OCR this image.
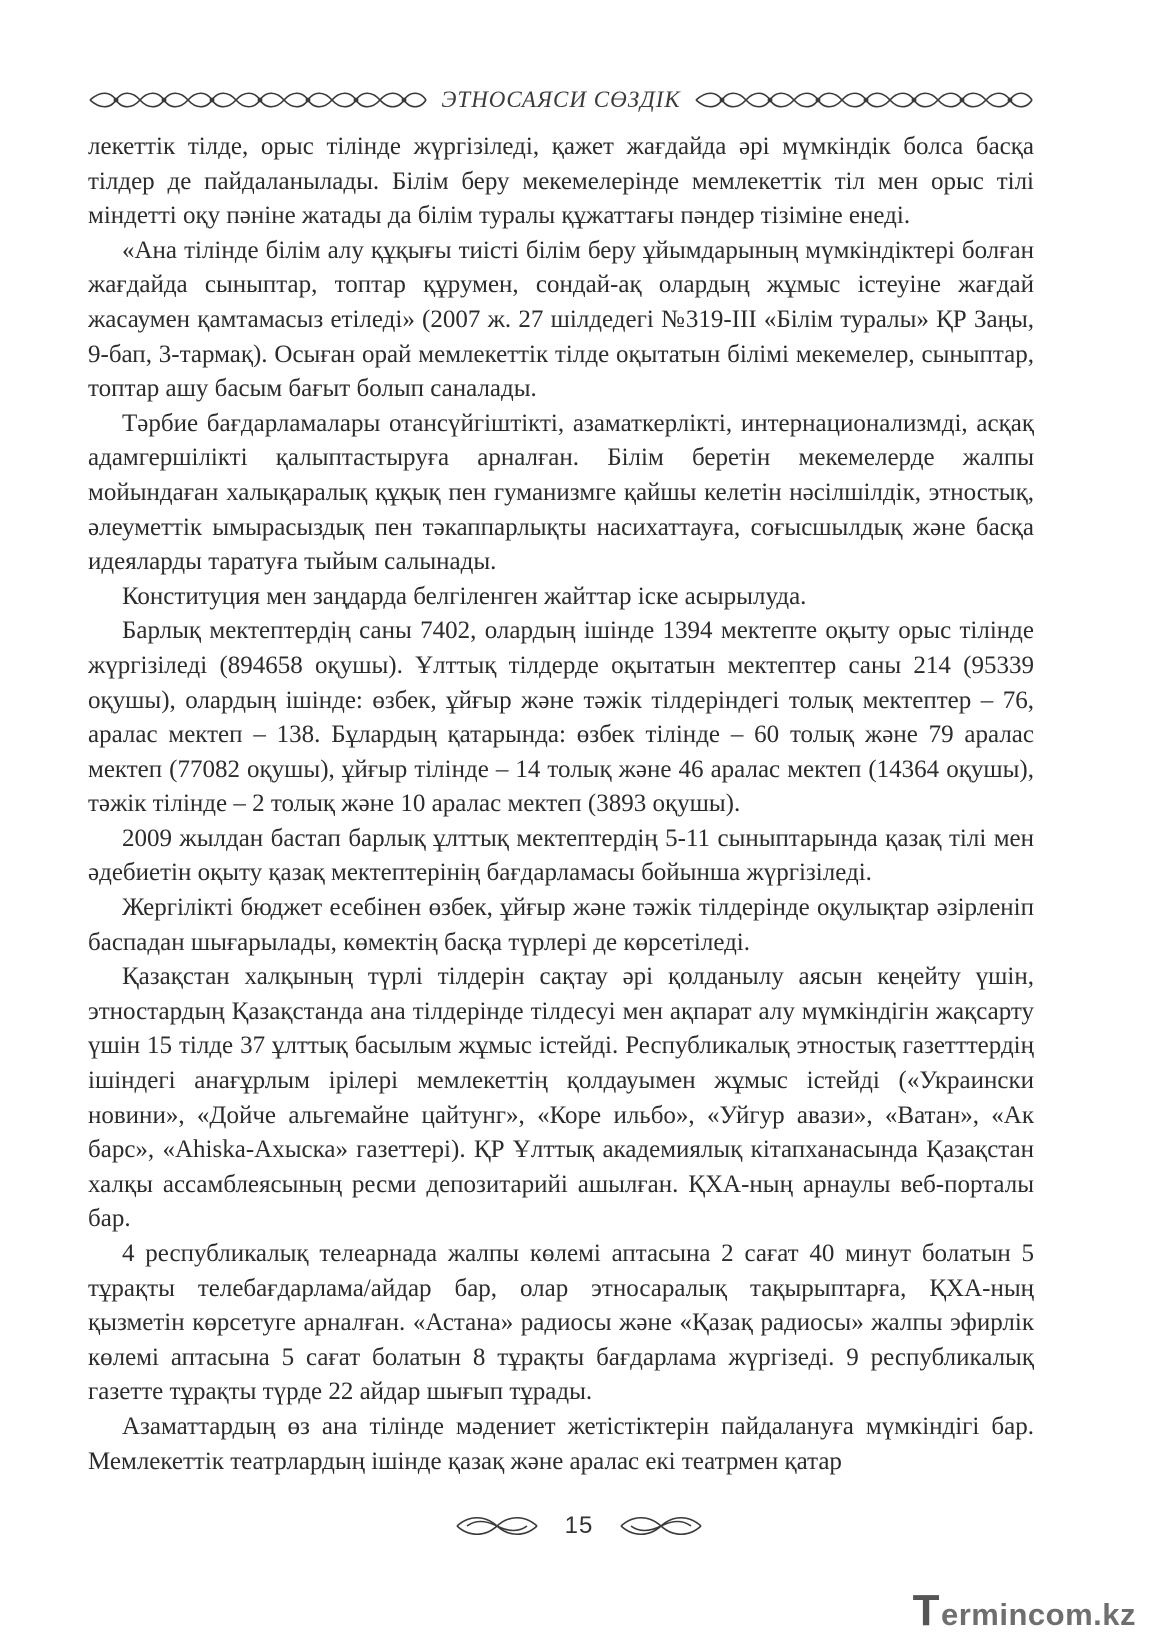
ЭТНОСАЯСИ СӨЗДІК

лекеттік тілде, орыс тілінде жүргізіледі, қажет жағдайда әрі мүмкіндік болса басқа тілдер де пайдаланылады. Білім беру мекемелерінде мемлекеттік тіл мен орыс тілі міндетті оқу пәніне жатады да білім туралы құжаттағы пәндер тізіміне енеді.

«Ана тілінде білім алу құқығы тиісті білім беру ұйымдарының мүмкіндіктері болған жағдайда сыныптар, топтар құрумен, сондай-ақ олардың жұмыс істеуіне жағдай жасаумен қамтамасыз етіледі» (2007 ж. 27 шілдедегі №319-ІІІ «Білім туралы» ҚР Заңы, 9-бап, 3-тармақ). Осыған орай мемлекеттік тілде оқытатын білімі мекемелер, сыныптар, топтар ашу басым бағыт болып саналады.

Тәрбие бағдарламалары отансүйгіштікті, азаматкерлікті, интернационализмді, асқақ адамгершілікті қалыптастыруға арналған. Білім беретін мекемелерде жалпы мойындаған халықаралық құқық пен гуманизмге қайшы келетін нәсілшілдік, этностық, әлеуметтік ымырасыздық пен тәкаппарлықты насихаттауға, соғысшылдық және басқа идеяларды таратуға тыйым салынады.

Конституция мен заңдарда белгіленген жайттар іске асырылуда.

Барлық мектептердің саны 7402, олардың ішінде 1394 мектепте оқыту орыс тілінде жүргізіледі (894658 оқушы). Ұлттық тілдерде оқытатын мектептер саны 214 (95339 оқушы), олардың ішінде: өзбек, ұйғыр және тәжік тілдеріндегі толық мектептер – 76, аралас мектеп – 138. Бұлардың қатарында: өзбек тілінде – 60 толық және 79 аралас мектеп (77082 оқушы), ұйғыр тілінде – 14 толық және 46 аралас мектеп (14364 оқушы), тәжік тілінде – 2 толық және 10 аралас мектеп (3893 оқушы).

2009 жылдан бастап барлық ұлттық мектептердің 5-11 сыныптарында қазақ тілі мен әдебиетін оқыту қазақ мектептерінің бағдарламасы бойынша жүргізіледі.

Жергілікті бюджет есебінен өзбек, ұйғыр және тәжік тілдерінде оқулықтар әзірленіп баспадан шығарылады, көмектің басқа түрлері де көрсетіледі.

Қазақстан халқының түрлі тілдерін сақтау әрі қолданылу аясын кеңейту үшін, этностардың Қазақстанда ана тілдерінде тілдесуі мен ақпарат алу мүмкіндігін жақсарту үшін 15 тілде 37 ұлттық басылым жұмыс істейді. Республикалық этностық газетттердің ішіндегі анағұрлым ірілері мемлекеттің қолдауымен жұмыс істейді («Украински новини», «Дойче альгемайне цайтунг», «Коре ильбо», «Уйгур авази», «Ватан», «Ак барс», «Ahiska-Ахыска» газеттері). ҚР Ұлттық академиялық кітапханасында Қазақстан халқы ассамблеясының ресми депозитарийі ашылған. ҚХА-ның арнаулы веб-порталы бар.

4 республикалық телеарнада жалпы көлемі аптасына 2 сағат 40 минут болатын 5 тұрақты телебағдарлама/айдар бар, олар этносаралық тақырыптарға, ҚХА-ның қызметін көрсетуге арналған. «Астана» радиосы және «Қазақ радиосы» жалпы эфирлік көлемі аптасына 5 сағат болатын 8 тұрақты бағдарлама жүргізеді. 9 республикалық газетте тұрақты түрде 22 айдар шығып тұрады.

Азаматтардың өз ана тілінде мәдениет жетістіктерін пайдалануға мүмкіндігі бар. Мемлекеттік театрлардың ішінде қазақ және аралас екі театрмен қатар

15
T erminc o m.kz
